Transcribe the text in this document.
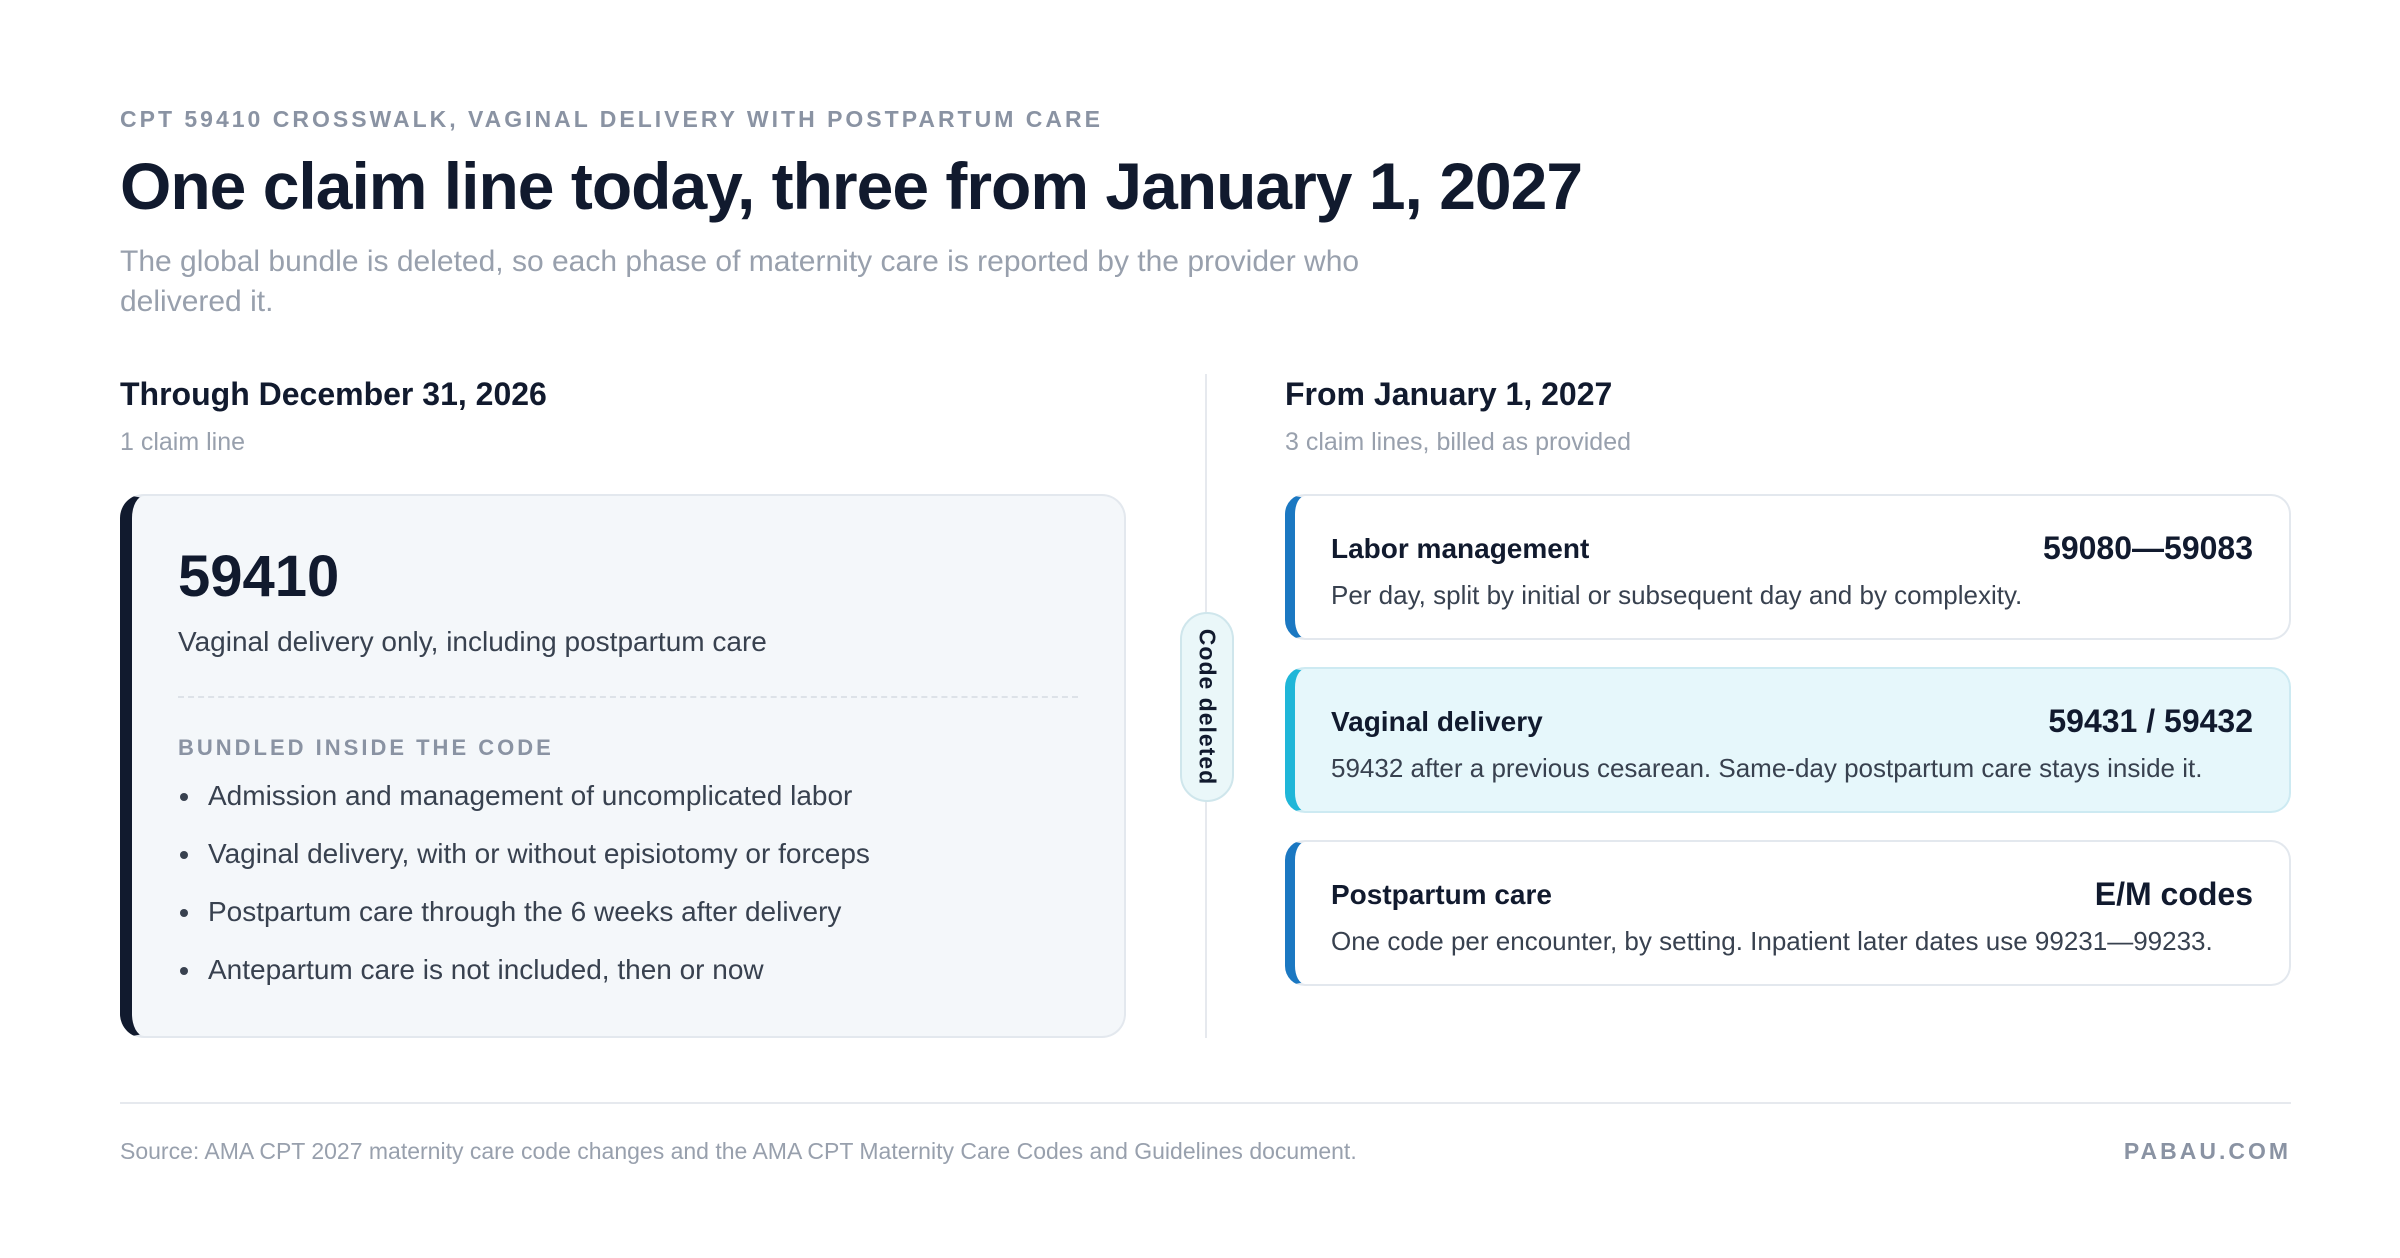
CPT 59410 CROSSWALK, VAGINAL DELIVERY WITH POSTPARTUM CARE

One claim line today, three from January 1, 2027

The global bundle is deleted, so each phase of maternity care is reported by the provider who delivered it.

Through December 31, 2026

1 claim line

59410

Vaginal delivery only, including postpartum care

BUNDLED INSIDE THE CODE

Admission and management of uncomplicated labor
Vaginal delivery, with or without episiotomy or forceps
Postpartum care through the 6 weeks after delivery
Antepartum care is not included, then or now
Code deleted
From January 1, 2027

3 claim lines, billed as provided

Labor management	59080—59083

Per day, split by initial or subsequent day and by complexity.

Vaginal delivery	59431 / 59432

59432 after a previous cesarean. Same-day postpartum care stays inside it.

Postpartum care	E/M codes

One code per encounter, by setting. Inpatient later dates use 99231—99233.

Source: AMA CPT 2027 maternity care code changes and the AMA CPT Maternity Care Codes and Guidelines document.	PABAU.COM
